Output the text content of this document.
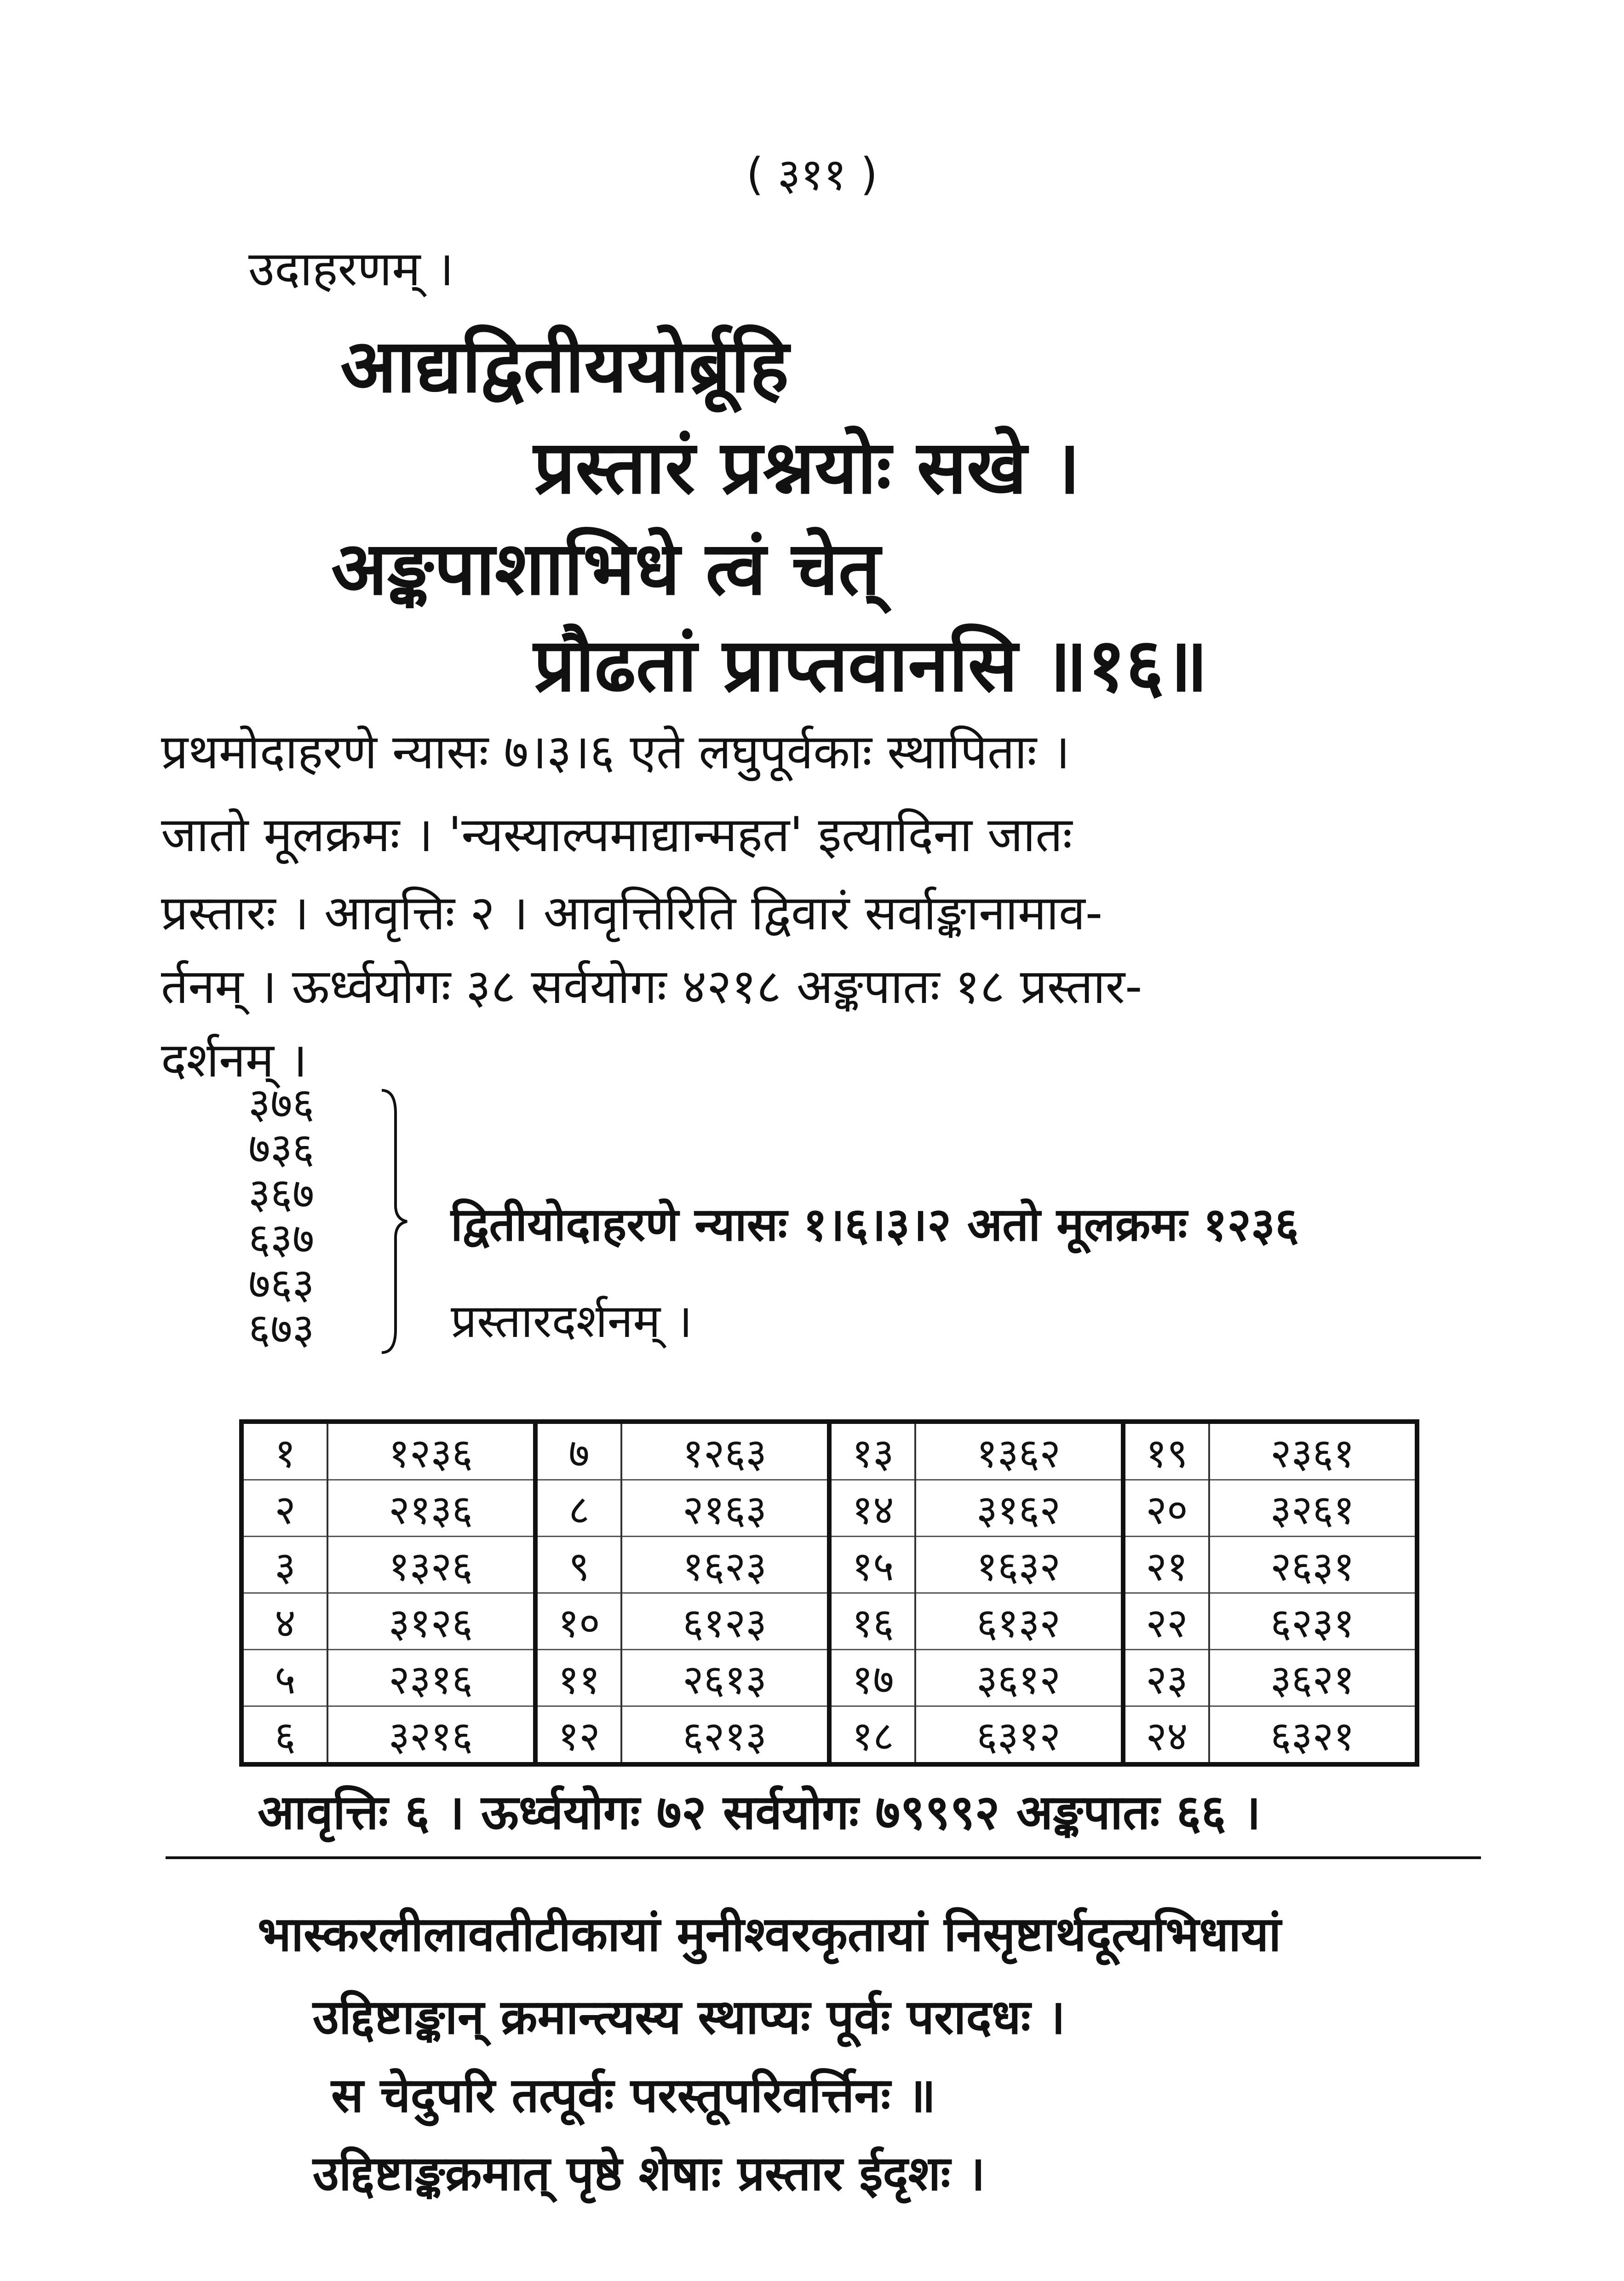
( ३११ )
उदाहरणम् ।
आद्यद्वितीययोर्ब्रूहि
प्रस्तारं प्रश्नयोः सखे ।
अङ्कपाशाभिधे त्वं चेत्
प्रौढतां प्राप्तवानसि ॥१६॥
प्रथमोदाहरणे न्यासः ७।३।६ एते लघुपूर्वकाः स्थापिताः ।
जातो मूलक्रमः । 'न्यस्याल्पमाद्यान्महत' इत्यादिना जातः
प्रस्तारः । आवृत्तिः २ । आवृत्तिरिति द्विवारं सर्वाङ्कानामाव-
र्तनम् । ऊर्ध्वयोगः ३८ सर्वयोगः ४२१८ अङ्कपातः १८ प्रस्तार-
दर्शनम् ।
३७६
७३६
३६७
६३७
७६३
६७३
द्वितीयोदाहरणे न्यासः १।६।३।२ अतो मूलक्रमः १२३६
प्रस्तारदर्शनम् ।
१	१२३६	७	१२६३	१३	१३६२	१९	२३६१
२	२१३६	८	२१६३	१४	३१६२	२०	३२६१
३	१३२६	९	१६२३	१५	१६३२	२१	२६३१
४	३१२६	१०	६१२३	१६	६१३२	२२	६२३१
५	२३१६	११	२६१३	१७	३६१२	२३	३६२१
६	३२१६	१२	६२१३	१८	६३१२	२४	६३२१
आवृत्तिः ६ । ऊर्ध्वयोगः ७२ सर्वयोगः ७९९९२ अङ्कपातः ६६ ।
भास्करलीलावतीटीकायां मुनीश्वरकृतायां निसृष्टार्थदूत्यभिधायां
उद्दिष्टाङ्कान् क्रमान्त्यस्य स्थाप्यः पूर्वः परादधः ।
स चेदुपरि तत्पूर्वः परस्तूपरिवर्त्तिनः ॥
उद्दिष्टाङ्कक्रमात् पृष्ठे शेषाः प्रस्तार ईदृशः ।
